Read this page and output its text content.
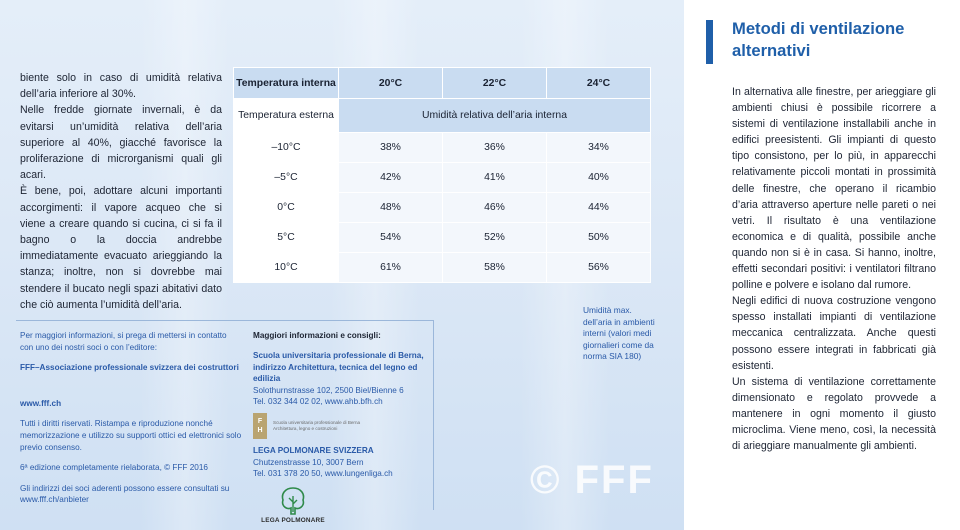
biente solo in caso di umidità relativa dell’aria inferiore al 30%.

Nelle fredde giornate invernali, è da evitarsi un’umidità relativa dell’aria superiore al 40%, giacché favorisce la proliferazione di microrganismi quali gli acari.

È bene, poi, adottare alcuni importanti accorgimenti: il vapore acqueo che si viene a creare quando si cucina, ci si fa il bagno o la doccia andrebbe immediatamente evacuato arieggiando la stanza; inoltre, non si dovrebbe mai stendere il bucato negli spazi abitativi dato che ciò aumenta l’umidità dell’aria.

Temperatura interna	20°C	22°C	24°C
Temperatura esterna	Umidità relativa dell’aria interna		
–10°C	38%	36%	34%
–5°C	42%	41%	40%
0°C	48%	46%	44%
5°C	54%	52%	50%
10°C	61%	58%	56%
Umidità max. dell’aria in ambienti interni (valori medi giornalieri come da norma SIA 180)

Per maggiori informazioni, si prega di mettersi in contatto con uno dei nostri soci o con l’editore:

FFF–Associazione professionale svizzera dei costruttori

www.fff.ch

Tutti i diritti riservati. Ristampa e riproduzione nonché memorizzazione e utilizzo su supporti ottici ed elettronici solo previo consenso.

6ª edizione completamente rielaborata, © FFF 2016

Gli indirizzi dei soci aderenti possono essere consultati su www.fff.ch/anbieter

Maggiori informazioni e consigli:
Scuola universitaria professionale di Berna, indirizzo Architettura, tecnica del legno ed edilizia
Solothurnstrasse 102, 2500 Biel/Bienne 6
Tel. 032 344 02 02, www.ahb.bfh.ch
F
H
Scuola universitaria professionale di Berna
Architettura, legno e costruzioni
LEGA POLMONARE SVIZZERA
Chutzenstrasse 10, 3007 Bern
Tel. 031 378 20 50, www.lungenliga.ch
LEGA POLMONARE
© FFF
Metodi di ventilazione alternativi

In alternativa alle finestre, per arieggiare gli ambienti chiusi è possibile ricorrere a sistemi di ventilazione installabili anche in edifici preesistenti. Gli impianti di questo tipo consistono, per lo più, in apparecchi relativamente piccoli montati in prossimità delle finestre, che operano il ricambio d’aria attraverso aperture nelle pareti o nei vetri. Il risultato è una ventilazione economica e di qualità, possibile anche quando non si è in casa. Si hanno, inoltre, effetti secondari positivi: i ventilatori filtrano polline e polvere e isolano dal rumore.

Negli edifici di nuova costruzione vengono spesso installati impianti di ventilazione meccanica centralizzata. Anche questi possono essere integrati in fabbricati già esistenti.

Un sistema di ventilazione correttamente dimensionato e regolato provvede a mantenere in ogni momento il giusto microclima. Viene meno, così, la necessità di arieggiare manualmente gli ambienti.
